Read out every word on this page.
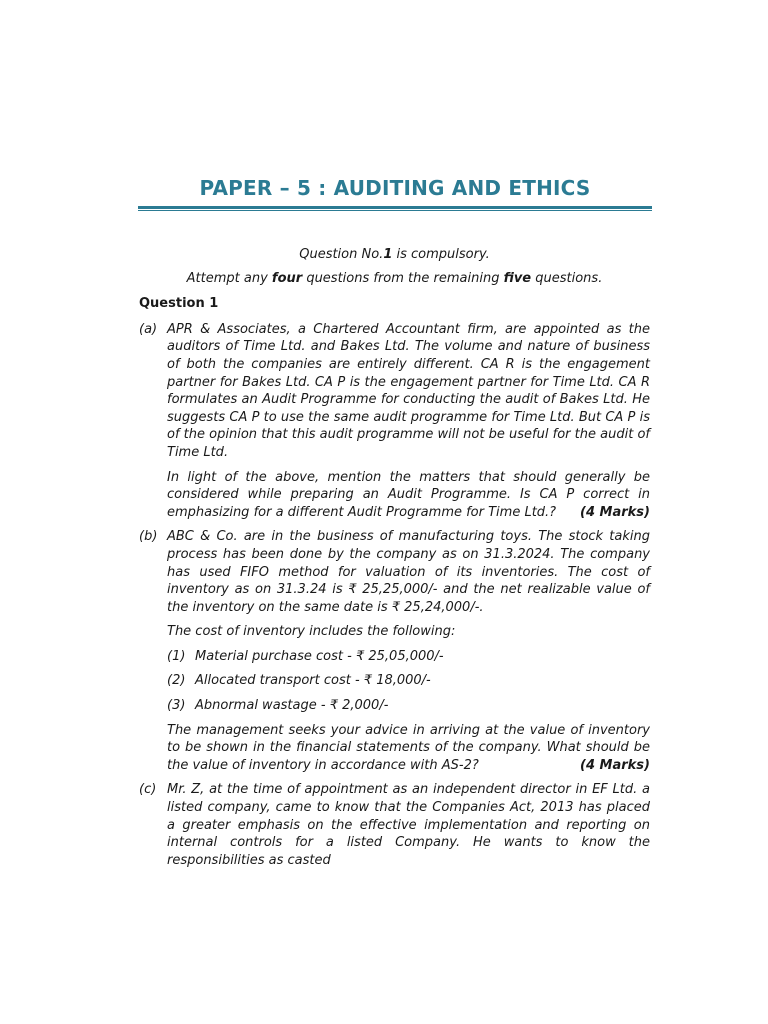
PAPER – 5 : AUDITING AND ETHICS
Question No.1 is compulsory.
Attempt any four questions from the remaining five questions.
Question 1
(a) APR & Associates, a Chartered Accountant firm, are appointed as the auditors of Time Ltd. and Bakes Ltd. The volume and nature of business of both the companies are entirely different. CA R is the engagement partner for Bakes Ltd. CA P is the engagement partner for Time Ltd. CA R formulates an Audit Programme for conducting the audit of Bakes Ltd. He suggests CA P to use the same audit programme for Time Ltd. But CA P is of the opinion that this audit programme will not be useful for the audit of Time Ltd.

In light of the above, mention the matters that should generally be considered while preparing an Audit Programme. Is CA P correct in emphasizing for a different Audit Programme for Time Ltd.?	(4 Marks)
(b) ABC & Co. are in the business of manufacturing toys. The stock taking process has been done by the company as on 31.3.2024. The company has used FIFO method for valuation of its inventories. The cost of inventory as on 31.3.24 is ₹ 25,25,000/- and the net realizable value of the inventory on the same date is ₹ 25,24,000/-.

The cost of inventory includes the following:

(1) Material purchase cost - ₹ 25,05,000/-
(2) Allocated transport cost - ₹ 18,000/-
(3) Abnormal wastage - ₹ 2,000/-

The management seeks your advice in arriving at the value of inventory to be shown in the financial statements of the company. What should be the value of inventory in accordance with AS-2?	(4 Marks)

(c) Mr. Z, at the time of appointment as an independent director in EF Ltd. a listed company, came to know that the Companies Act, 2013 has placed a greater emphasis on the effective implementation and reporting on internal controls for a listed Company. He wants to know the responsibilities as casted
